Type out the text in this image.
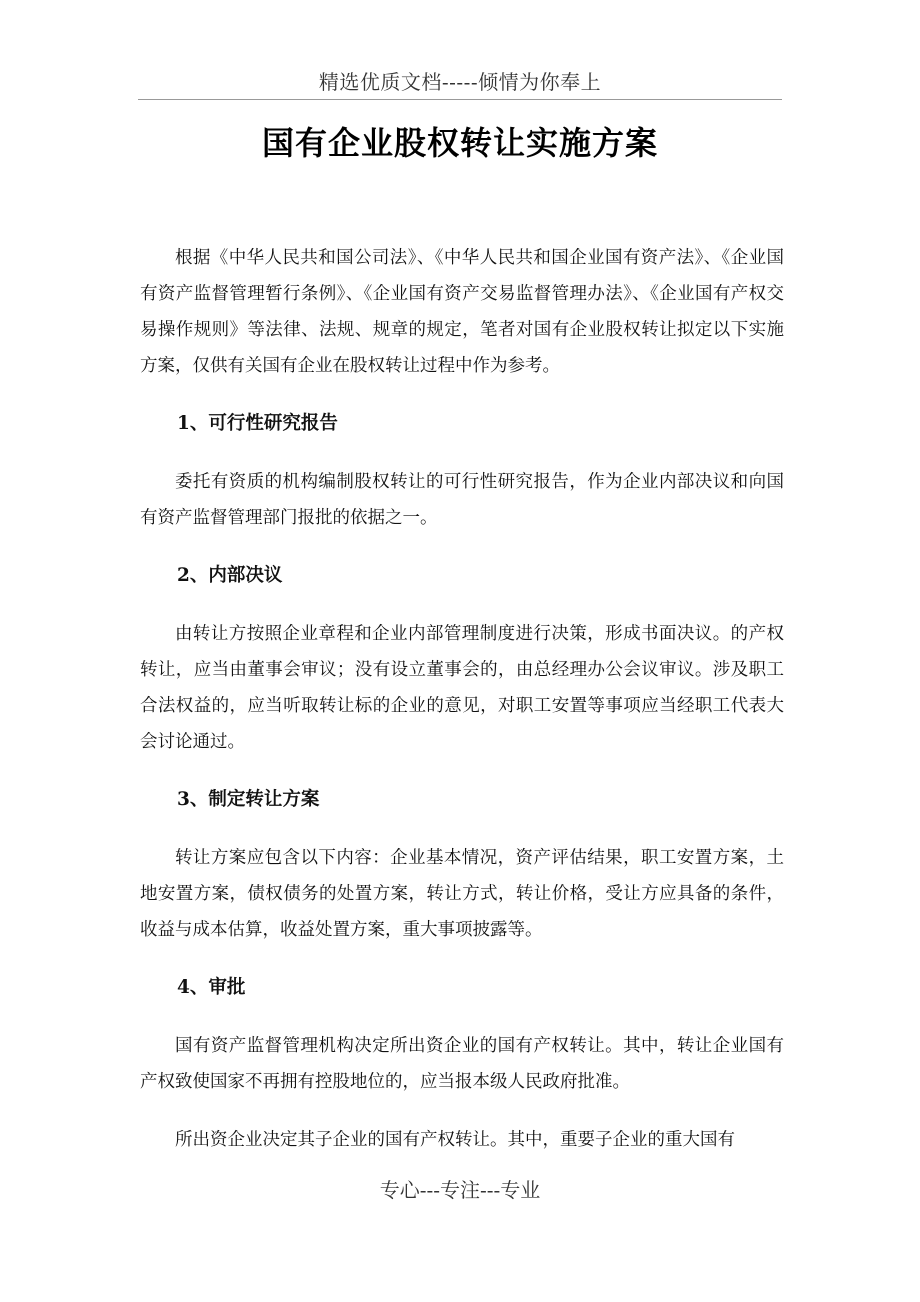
精选优质文档-----倾情为你奉上
国有企业股权转让实施方案

根据《中华人民共和国公司法》、《中华人民共和国企业国有资产法》、《企业国有资产监督管理暂行条例》、《企业国有资产交易监督管理办法》、《企业国有产权交易操作规则》等法律、法规、规章的规定，笔者对国有企业股权转让拟定以下实施方案，仅供有关国有企业在股权转让过程中作为参考。

1、可行性研究报告

委托有资质的机构编制股权转让的可行性研究报告，作为企业内部决议和向国有资产监督管理部门报批的依据之一。

2、内部决议

由转让方按照企业章程和企业内部管理制度进行决策，形成书面决议。的产权转让，应当由董事会审议；没有设立董事会的，由总经理办公会议审议。涉及职工合法权益的，应当听取转让标的企业的意见，对职工安置等事项应当经职工代表大会讨论通过。

3、制定转让方案

转让方案应包含以下内容：企业基本情况，资产评估结果，职工安置方案，土地安置方案，债权债务的处置方案，转让方式，转让价格，受让方应具备的条件，收益与成本估算，收益处置方案，重大事项披露等。

4、审批

国有资产监督管理机构决定所出资企业的国有产权转让。其中，转让企业国有产权致使国家不再拥有控股地位的，应当报本级人民政府批准。

所出资企业决定其子企业的国有产权转让。其中，重要子企业的重大国有

专心---专注---专业
